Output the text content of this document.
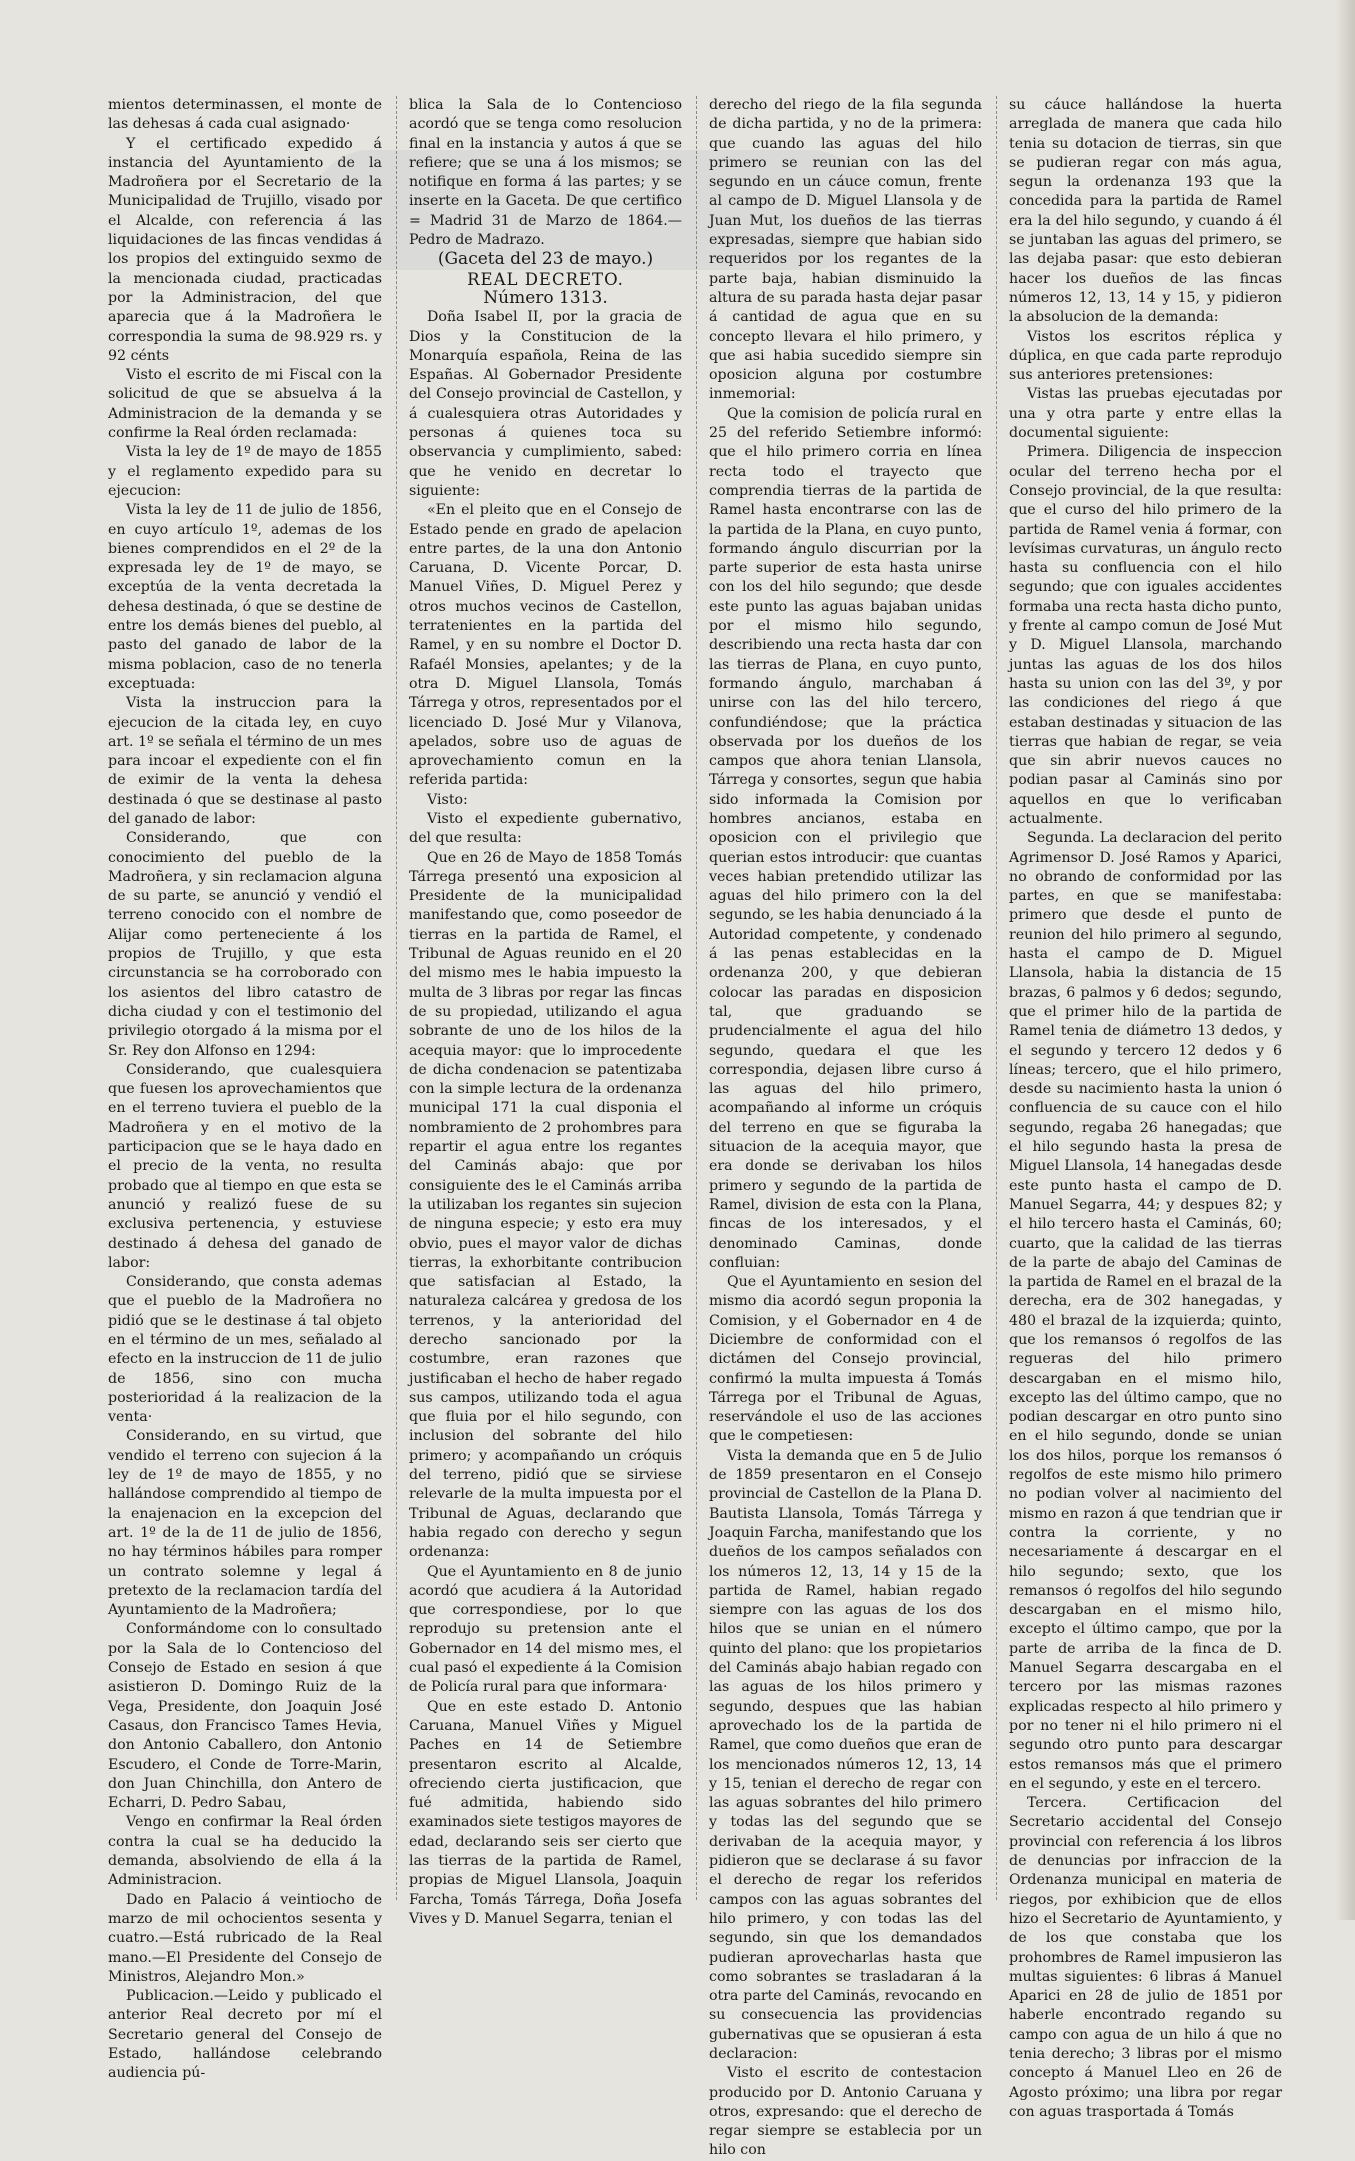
mientos determinassen, el monte de las dehesas á cada cual asignado·

Y el certificado expedido á instancia del Ayuntamiento de la Madroñera por el Secretario de la Municipalidad de Trujillo, visado por el Alcalde, con referencia á las liquidaciones de las fincas vendidas á los propios del extinguido sexmo de la mencionada ciudad, practicadas por la Administracion, del que aparecia que á la Madroñera le correspondia la suma de 98.929 rs. y 92 cénts

Visto el escrito de mi Fiscal con la solicitud de que se absuelva á la Administracion de la demanda y se confirme la Real órden reclamada:

Vista la ley de 1º de mayo de 1855 y el reglamento expedido para su ejecucion:

Vista la ley de 11 de julio de 1856, en cuyo artículo 1º, ademas de los bienes comprendidos en el 2º de la expresada ley de 1º de mayo, se exceptúa de la venta decretada la dehesa destinada, ó que se destine de entre los demás bienes del pueblo, al pasto del ganado de labor de la misma poblacion, caso de no tenerla exceptuada:

Vista la instruccion para la ejecucion de la citada ley, en cuyo art. 1º se señala el término de un mes para incoar el expediente con el fin de eximir de la venta la dehesa destinada ó que se destinase al pasto del ganado de labor:

Considerando, que con conocimiento del pueblo de la Madroñera, y sin reclamacion alguna de su parte, se anunció y vendió el terreno conocido con el nombre de Alijar como perteneciente á los propios de Trujillo, y que esta circunstancia se ha corroborado con los asientos del libro catastro de dicha ciudad y con el testimonio del privilegio otorgado á la misma por el Sr. Rey don Alfonso en 1294:

Considerando, que cualesquiera que fuesen los aprovechamientos que en el terreno tuviera el pueblo de la Madroñera y en el motivo de la participacion que se le haya dado en el precio de la venta, no resulta probado que al tiempo en que esta se anunció y realizó fuese de su exclusiva pertenencia, y estuviese destinado á dehesa del ganado de labor:

Considerando, que consta ademas que el pueblo de la Madroñera no pidió que se le destinase á tal objeto en el término de un mes, señalado al efecto en la instruccion de 11 de julio de 1856, sino con mucha posterioridad á la realizacion de la venta·

Considerando, en su virtud, que vendido el terreno con sujecion á la ley de 1º de mayo de 1855, y no hallándose comprendido al tiempo de la enajenacion en la excepcion del art. 1º de la de 11 de julio de 1856, no hay términos hábiles para romper un contrato solemne y legal á pretexto de la reclamacion tardía del Ayuntamiento de la Madroñera;

Conformándome con lo consultado por la Sala de lo Contencioso del Consejo de Estado en sesion á que asistieron D. Domingo Ruiz de la Vega, Presidente, don Joaquin José Casaus, don Francisco Tames Hevia, don Antonio Caballero, don Antonio Escudero, el Conde de Torre-Marin, don Juan Chinchilla, don Antero de Echarri, D. Pedro Sabau,

Vengo en confirmar la Real órden contra la cual se ha deducido la demanda, absolviendo de ella á la Administracion.

Dado en Palacio á veintiocho de marzo de mil ochocientos sesenta y cuatro.—Está rubricado de la Real mano.—El Presidente del Consejo de Ministros, Alejandro Mon.»

Publicacion.—Leido y publicado el anterior Real decreto por mí el Secretario general del Consejo de Estado, hallándose celebrando audiencia pú-

blica la Sala de lo Contencioso acordó que se tenga como resolucion final en la instancia y autos á que se refiere; que se una á los mismos; se notifique en forma á las partes; y se inserte en la Gaceta. De que certifico = Madrid 31 de Marzo de 1864.—Pedro de Madrazo.

(Gaceta del 23 de mayo.)

REAL DECRETO.

Número 1313.

Doña Isabel II, por la gracia de Dios y la Constitucion de la Monarquía española, Reina de las Españas. Al Gobernador Presidente del Consejo provincial de Castellon, y á cualesquiera otras Autoridades y personas á quienes toca su observancia y cumplimiento, sabed: que he venido en decretar lo siguiente:

«En el pleito que en el Consejo de Estado pende en grado de apelacion entre partes, de la una don Antonio Caruana, D. Vicente Porcar, D. Manuel Viñes, D. Miguel Perez y otros muchos vecinos de Castellon, terratenientes en la partida del Ramel, y en su nombre el Doctor D. Rafaél Monsies, apelantes; y de la otra D. Miguel Llansola, Tomás Tárrega y otros, representados por el licenciado D. José Mur y Vilanova, apelados, sobre uso de aguas de aprovechamiento comun en la referida partida:

Visto:

Visto el expediente gubernativo, del que resulta:

Que en 26 de Mayo de 1858 Tomás Tárrega presentó una exposicion al Presidente de la municipalidad manifestando que, como poseedor de tierras en la partida de Ramel, el Tribunal de Aguas reunido en el 20 del mismo mes le habia impuesto la multa de 3 libras por regar las fincas de su propiedad, utilizando el agua sobrante de uno de los hilos de la acequia mayor: que lo improcedente de dicha condenacion se patentizaba con la simple lectura de la ordenanza municipal 171 la cual disponia el nombramiento de 2 prohombres para repartir el agua entre los regantes del Caminás abajo: que por consiguiente des le el Caminás arriba la utilizaban los regantes sin sujecion de ninguna especie; y esto era muy obvio, pues el mayor valor de dichas tierras, la exhorbitante contribucion que satisfacian al Estado, la naturaleza calcárea y gredosa de los terrenos, y la anterioridad del derecho sancionado por la costumbre, eran razones que justificaban el hecho de haber regado sus campos, utilizando toda el agua que fluia por el hilo segundo, con inclusion del sobrante del hilo primero; y acompañando un cróquis del terreno, pidió que se sirviese relevarle de la multa impuesta por el Tribunal de Aguas, declarando que habia regado con derecho y segun ordenanza:

Que el Ayuntamiento en 8 de junio acordó que acudiera á la Autoridad que correspondiese, por lo que reprodujo su pretension ante el Gobernador en 14 del mismo mes, el cual pasó el expediente á la Comision de Policía rural para que informara·

Que en este estado D. Antonio Caruana, Manuel Viñes y Miguel Paches en 14 de Setiembre presentaron escrito al Alcalde, ofreciendo cierta justificacion, que fué admitida, habiendo sido examinados siete testigos mayores de edad, declarando seis ser cierto que las tierras de la partida de Ramel, propias de Miguel Llansola, Joaquin Farcha, Tomás Tárrega, Doña Josefa Vives y D. Manuel Segarra, tenian el

derecho del riego de la fila segunda de dicha partida, y no de la primera: que cuando las aguas del hilo primero se reunian con las del segundo en un cáuce comun, frente al campo de D. Miguel Llansola y de Juan Mut, los dueños de las tierras expresadas, siempre que habian sido requeridos por los regantes de la parte baja, habian disminuido la altura de su parada hasta dejar pasar á cantidad de agua que en su concepto llevara el hilo primero, y que asi habia sucedido siempre sin oposicion alguna por costumbre inmemorial:

Que la comision de policía rural en 25 del referido Setiembre informó: que el hilo primero corria en línea recta todo el trayecto que comprendia tierras de la partida de Ramel hasta encontrarse con las de la partida de la Plana, en cuyo punto, formando ángulo discurrian por la parte superior de esta hasta unirse con los del hilo segundo; que desde este punto las aguas bajaban unidas por el mismo hilo segundo, describiendo una recta hasta dar con las tierras de Plana, en cuyo punto, formando ángulo, marchaban á unirse con las del hilo tercero, confundiéndose; que la práctica observada por los dueños de los campos que ahora tenian Llansola, Tárrega y consortes, segun que habia sido informada la Comision por hombres ancianos, estaba en oposicion con el privilegio que querian estos introducir: que cuantas veces habian pretendido utilizar las aguas del hilo primero con la del segundo, se les habia denunciado á la Autoridad competente, y condenado á las penas establecidas en la ordenanza 200, y que debieran colocar las paradas en disposicion tal, que graduando se prudencialmente el agua del hilo segundo, quedara el que les correspondia, dejasen libre curso á las aguas del hilo primero, acompañando al informe un cróquis del terreno en que se figuraba la situacion de la acequia mayor, que era donde se derivaban los hilos primero y segundo de la partida de Ramel, division de esta con la Plana, fincas de los interesados, y el denominado Caminas, donde confluian:

Que el Ayuntamiento en sesion del mismo dia acordó segun proponia la Comision, y el Gobernador en 4 de Diciembre de conformidad con el dictámen del Consejo provincial, confirmó la multa impuesta á Tomás Tárrega por el Tribunal de Aguas, reservándole el uso de las acciones que le competiesen:

Vista la demanda que en 5 de Julio de 1859 presentaron en el Consejo provincial de Castellon de la Plana D. Bautista Llansola, Tomás Tárrega y Joaquin Farcha, manifestando que los dueños de los campos señalados con los números 12, 13, 14 y 15 de la partida de Ramel, habian regado siempre con las aguas de los dos hilos que se unian en el número quinto del plano: que los propietarios del Caminás abajo habian regado con las aguas de los hilos primero y segundo, despues que las habian aprovechado los de la partida de Ramel, que como dueños que eran de los mencionados números 12, 13, 14 y 15, tenian el derecho de regar con las aguas sobrantes del hilo primero y todas las del segundo que se derivaban de la acequia mayor, y pidieron que se declarase á su favor el derecho de regar los referidos campos con las aguas sobrantes del hilo primero, y con todas las del segundo, sin que los demandados pudieran aprovecharlas hasta que como sobrantes se trasladaran á la otra parte del Caminás, revocando en su consecuencia las providencias gubernativas que se opusieran á esta declaracion:

Visto el escrito de contestacion producido por D. Antonio Caruana y otros, expresando: que el derecho de regar siempre se establecia por un hilo con

su cáuce hallándose la huerta arreglada de manera que cada hilo tenia su dotacion de tierras, sin que se pudieran regar con más agua, segun la ordenanza 193 que la concedida para la partida de Ramel era la del hilo segundo, y cuando á él se juntaban las aguas del primero, se las dejaba pasar: que esto debieran hacer los dueños de las fincas números 12, 13, 14 y 15, y pidieron la absolucion de la demanda:

Vistos los escritos réplica y dúplica, en que cada parte reprodujo sus anteriores pretensiones:

Vistas las pruebas ejecutadas por una y otra parte y entre ellas la documental siguiente:

Primera. Diligencia de inspeccion ocular del terreno hecha por el Consejo provincial, de la que resulta: que el curso del hilo primero de la partida de Ramel venia á formar, con levísimas curvaturas, un ángulo recto hasta su confluencia con el hilo segundo; que con iguales accidentes formaba una recta hasta dicho punto, y frente al campo comun de José Mut y D. Miguel Llansola, marchando juntas las aguas de los dos hilos hasta su union con las del 3º, y por las condiciones del riego á que estaban destinadas y situacion de las tierras que habian de regar, se veia que sin abrir nuevos cauces no podian pasar al Caminás sino por aquellos en que lo verificaban actualmente.

Segunda. La declaracion del perito Agrimensor D. José Ramos y Aparici, no obrando de conformidad por las partes, en que se manifestaba: primero que desde el punto de reunion del hilo primero al segundo, hasta el campo de D. Miguel Llansola, habia la distancia de 15 brazas, 6 palmos y 6 dedos; segundo, que el primer hilo de la partida de Ramel tenia de diámetro 13 dedos, y el segundo y tercero 12 dedos y 6 líneas; tercero, que el hilo primero, desde su nacimiento hasta la union ó confluencia de su cauce con el hilo segundo, regaba 26 hanegadas; que el hilo segundo hasta la presa de Miguel Llansola, 14 hanegadas desde este punto hasta el campo de D. Manuel Segarra, 44; y despues 82; y el hilo tercero hasta el Caminás, 60; cuarto, que la calidad de las tierras de la parte de abajo del Caminas de la partida de Ramel en el brazal de la derecha, era de 302 hanegadas, y 480 el brazal de la izquierda; quinto, que los remansos ó regolfos de las regueras del hilo primero descargaban en el mismo hilo, excepto las del último campo, que no podian descargar en otro punto sino en el hilo segundo, donde se unian los dos hilos, porque los remansos ó regolfos de este mismo hilo primero no podian volver al nacimiento del mismo en razon á que tendrian que ir contra la corriente, y no necesariamente á descargar en el hilo segundo; sexto, que los remansos ó regolfos del hilo segundo descargaban en el mismo hilo, excepto el último campo, que por la parte de arriba de la finca de D. Manuel Segarra descargaba en el tercero por las mismas razones explicadas respecto al hilo primero y por no tener ni el hilo primero ni el segundo otro punto para descargar estos remansos más que el primero en el segundo, y este en el tercero.

Tercera. Certificacion del Secretario accidental del Consejo provincial con referencia á los libros de denuncias por infraccion de la Ordenanza municipal en materia de riegos, por exhibicion que de ellos hizo el Secretario de Ayuntamiento, y de los que constaba que los prohombres de Ramel impusieron las multas siguientes: 6 libras á Manuel Aparici en 28 de julio de 1851 por haberle encontrado regando su campo con agua de un hilo á que no tenia derecho; 3 libras por el mismo concepto á Manuel Lleo en 26 de Agosto próximo; una libra por regar con aguas trasportada á Tomás
